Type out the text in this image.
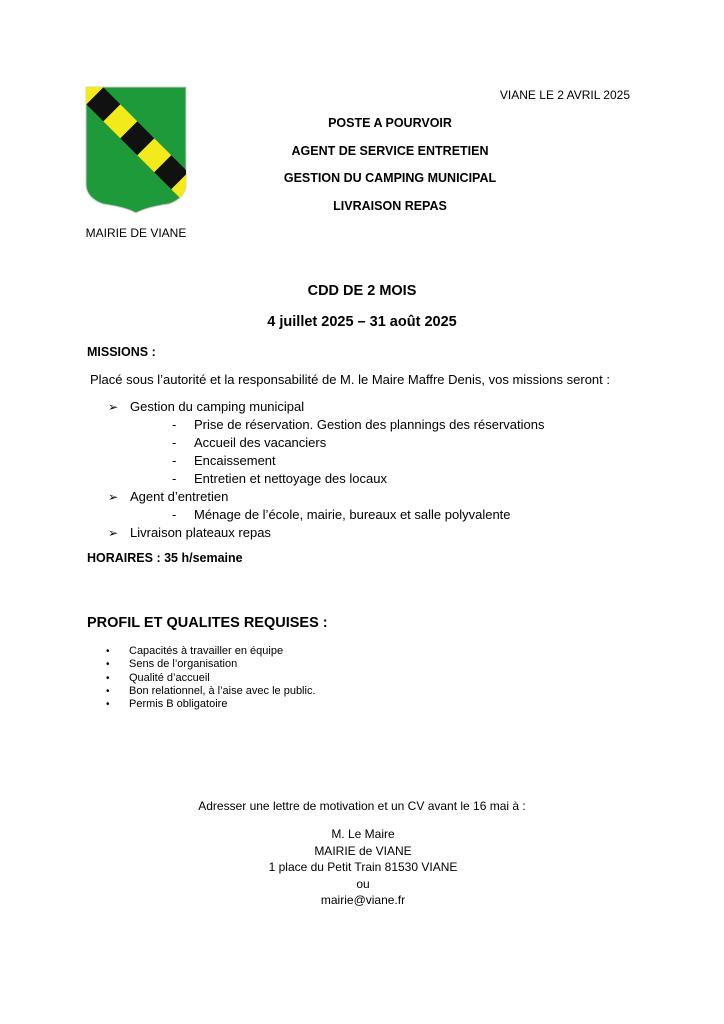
VIANE LE 2 AVRIL 2025
MAIRIE DE VIANE
POSTE A POURVOIR
AGENT DE SERVICE ENTRETIEN
GESTION DU CAMPING MUNICIPAL
LIVRAISON REPAS
CDD DE 2 MOIS
4 juillet 2025 – 31 août 2025
MISSIONS :
Placé sous l’autorité et la responsabilité de M. le Maire Maffre Denis, vos missions seront :
➢ Gestion du camping municipal
- Prise de réservation. Gestion des plannings des réservations
- Accueil des vacanciers
- Encaissement
- Entretien et nettoyage des locaux
➢ Agent d’entretien
- Ménage de l’école, mairie, bureaux et salle polyvalente
➢ Livraison plateaux repas
HORAIRES : 35 h/semaine
PROFIL ET QUALITES REQUISES :
• Capacités à travailler en équipe
• Sens de l’organisation
• Qualité d’accueil
• Bon relationnel, à l’aise avec le public.
• Permis B obligatoire
Adresser une lettre de motivation et un CV avant le 16 mai à :
M. Le Maire
MAIRIE de VIANE
1 place du Petit Train 81530 VIANE
ou
mairie@viane.fr
